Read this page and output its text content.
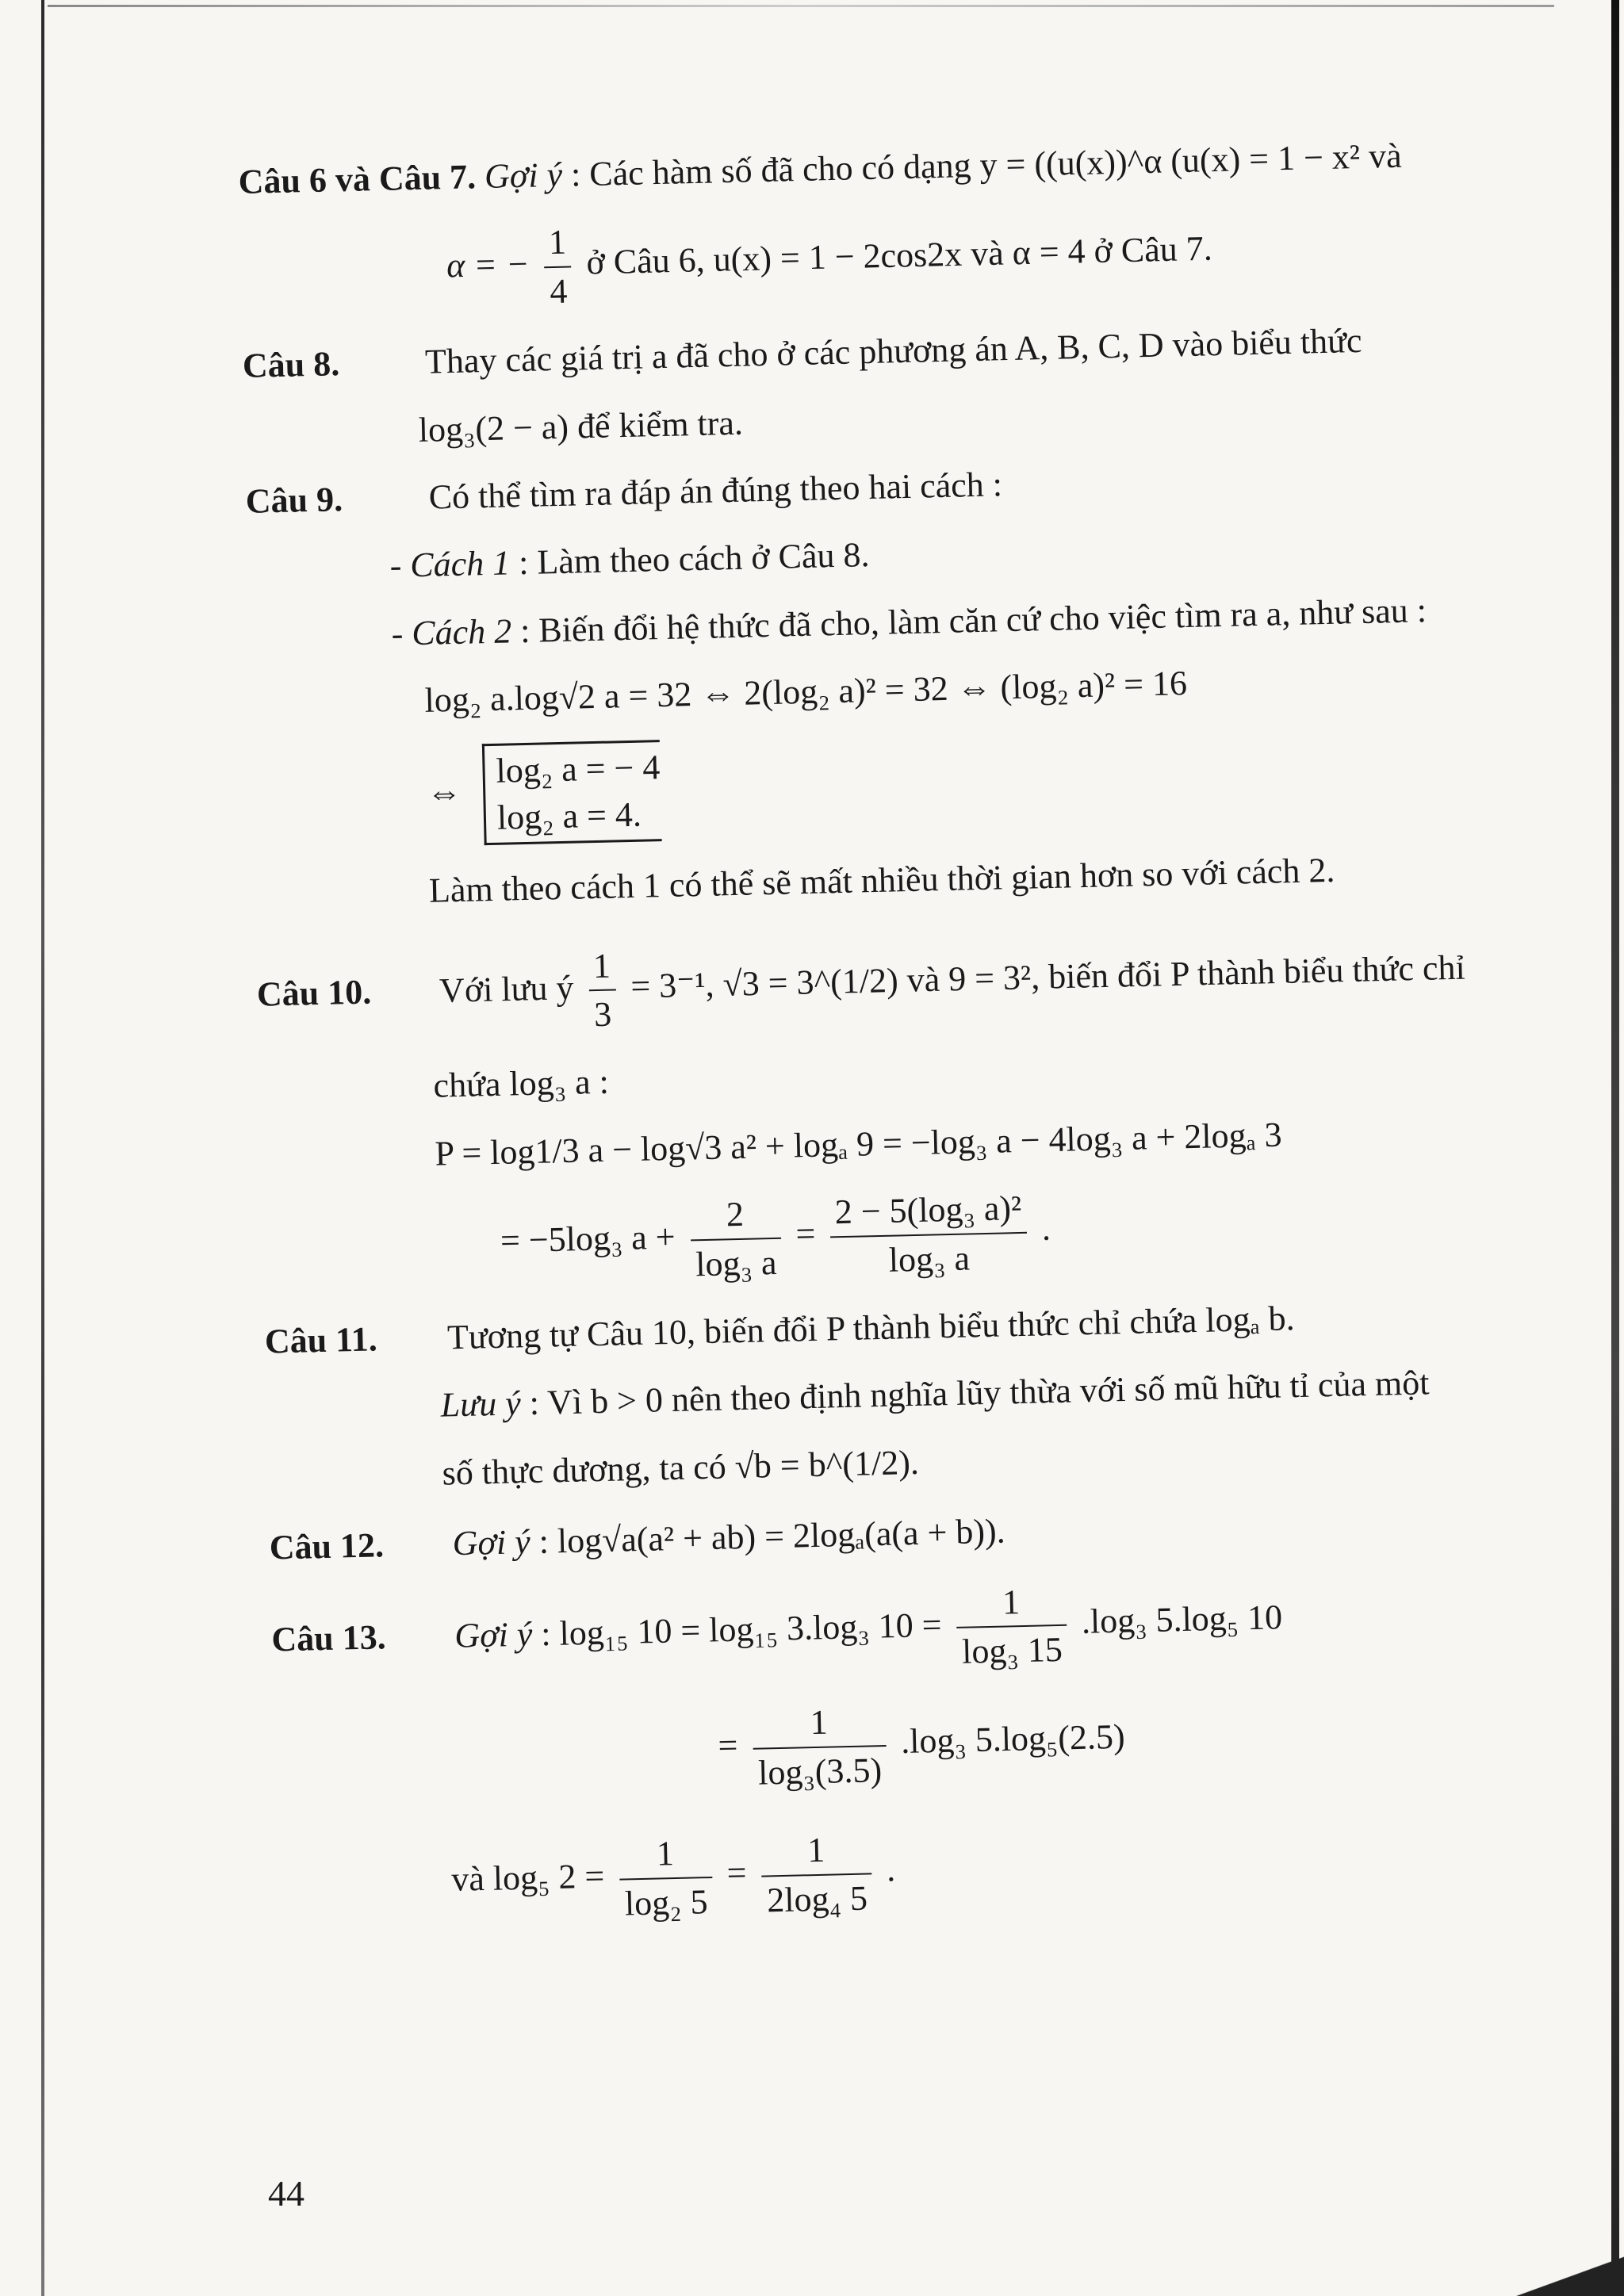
Câu 6 và Câu 7. Gợi ý : Các hàm số đã cho có dạng y = ((u(x))^α (u(x) = 1 − x² và
α = − $\frac{1}{4}$ ở Câu 6, u(x) = 1 − 2cos2x và α = 4 ở Câu 7.
Câu 8. Thay các giá trị a đã cho ở các phương án A, B, C, D vào biểu thức
log₃(2 − a) để kiểm tra.
Câu 9. Có thể tìm ra đáp án đúng theo hai cách :
- Cách 1 : Làm theo cách ở Câu 8.
- Cách 2 : Biến đổi hệ thức đã cho, làm căn cứ cho việc tìm ra a, như sau :
log₂ a.log√2 a = 32 ⇔ 2(log₂ a)² = 32 ⇔ (log₂ a)² = 16
⇔
log₂ a = − 4
log₂ a = 4.
Làm theo cách 1 có thể sẽ mất nhiều thời gian hơn so với cách 2.
Câu 10. Với lưu ý $\frac{1}{3} = 3^{-1}$, √3 = 3^(1/2) và 9 = 3², biến đổi P thành biểu thức chỉ
chứa log₃ a :
P = log1/3 a − log√3 a² + logₐ 9 = −log₃ a − 4log₃ a + 2logₐ 3
= −5log₃ $a + \frac{2}{\text{log₃ a}} = \frac{\text{2 − 5(log₃ a)²}}{\text{log₃ a}}$ .
Câu 11. Tương tự Câu 10, biến đổi P thành biểu thức chỉ chứa logₐ b.
Lưu ý : Vì b > 0 nên theo định nghĩa lũy thừa với số mũ hữu tỉ của một
số thực dương, ta có √b = b^(1/2).
Câu 12. Gợi ý : log√a(a² + ab) = 2logₐ(a(a + b)).
Câu 13. Gợi ý : log₁₅ 10 = log₁₅ 3.log₃ $10 = \frac{1}{\text{log₃ 15}} .\log_3$ 5.log₅ 10
= $\frac{1}{\text{log₃(3.5)}} .\log_3$ 5.log₅(2.5)
và log₅ $2 = \frac{1}{\text{log₂ 5}} = \frac{1}{\text{2log₄ 5}}$ .
44
